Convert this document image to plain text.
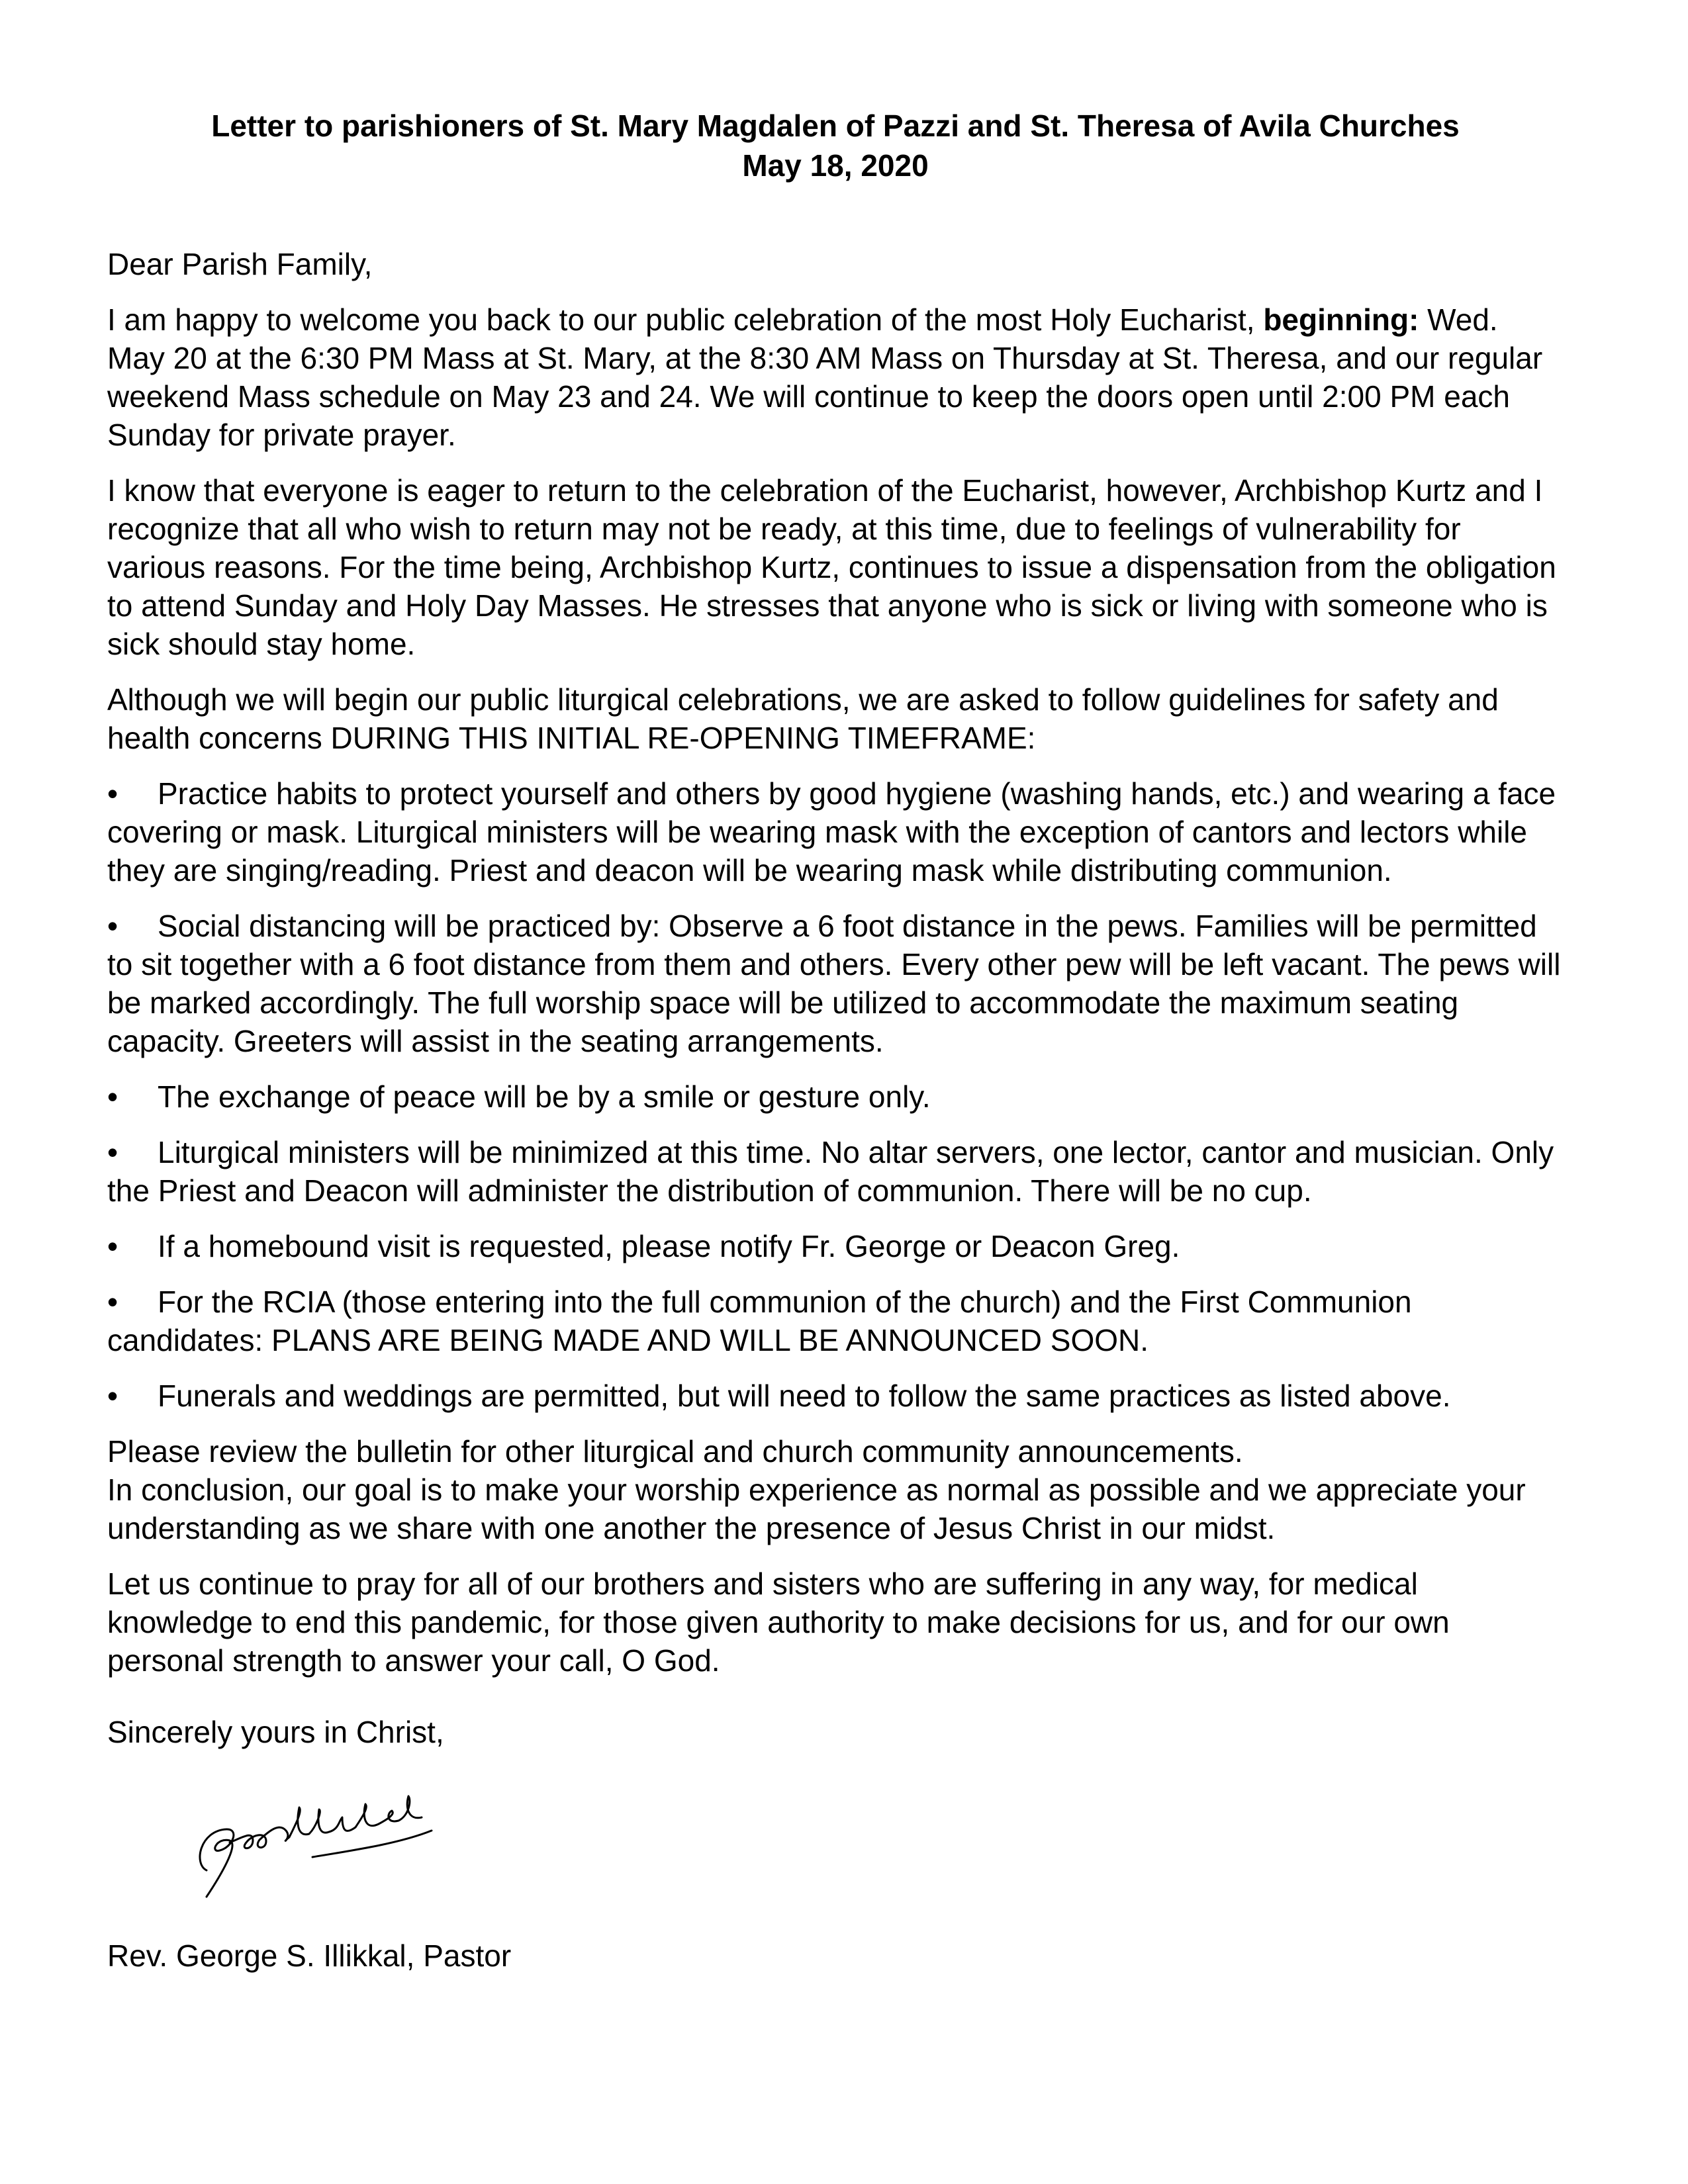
Letter to parishioners of St. Mary Magdalen of Pazzi and St. Theresa of Avila Churches

May 18, 2020

Dear Parish Family,

I am happy to welcome you back to our public celebration of the most Holy Eucharist, beginning: Wed. May 20 at the 6:30 PM Mass at St. Mary, at the 8:30 AM Mass on Thursday at St. Theresa, and our regular weekend Mass schedule on May 23 and 24. We will continue to keep the doors open until 2:00 PM each Sunday for private prayer.

I know that everyone is eager to return to the celebration of the Eucharist, however, Archbishop Kurtz and I recognize that all who wish to return may not be ready, at this time, due to feelings of vulnerability for various reasons. For the time being, Archbishop Kurtz, continues to issue a dispensation from the obligation to attend Sunday and Holy Day Masses. He stresses that anyone who is sick or living with someone who is sick should stay home.

Although we will begin our public liturgical celebrations, we are asked to follow guidelines for safety and health concerns DURING THIS INITIAL RE-OPENING TIMEFRAME:

• Practice habits to protect yourself and others by good hygiene (washing hands, etc.) and wearing a face covering or mask. Liturgical ministers will be wearing mask with the exception of cantors and lectors while they are singing/reading. Priest and deacon will be wearing mask while distributing communion.

• Social distancing will be practiced by: Observe a 6 foot distance in the pews. Families will be permitted to sit together with a 6 foot distance from them and others. Every other pew will be left vacant. The pews will be marked accordingly. The full worship space will be utilized to accommodate the maximum seating capacity. Greeters will assist in the seating arrangements.

• The exchange of peace will be by a smile or gesture only.

• Liturgical ministers will be minimized at this time. No altar servers, one lector, cantor and musician. Only the Priest and Deacon will administer the distribution of communion. There will be no cup.

• If a homebound visit is requested, please notify Fr. George or Deacon Greg.

• For the RCIA (those entering into the full communion of the church) and the First Communion candidates: PLANS ARE BEING MADE AND WILL BE ANNOUNCED SOON.

• Funerals and weddings are permitted, but will need to follow the same practices as listed above.

Please review the bulletin for other liturgical and church community announcements.

In conclusion, our goal is to make your worship experience as normal as possible and we appreciate your understanding as we share with one another the presence of Jesus Christ in our midst.

Let us continue to pray for all of our brothers and sisters who are suffering in any way, for medical knowledge to end this pandemic, for those given authority to make decisions for us, and for our own personal strength to answer your call, O God.

Sincerely yours in Christ,

Rev. George S. Illikkal, Pastor
